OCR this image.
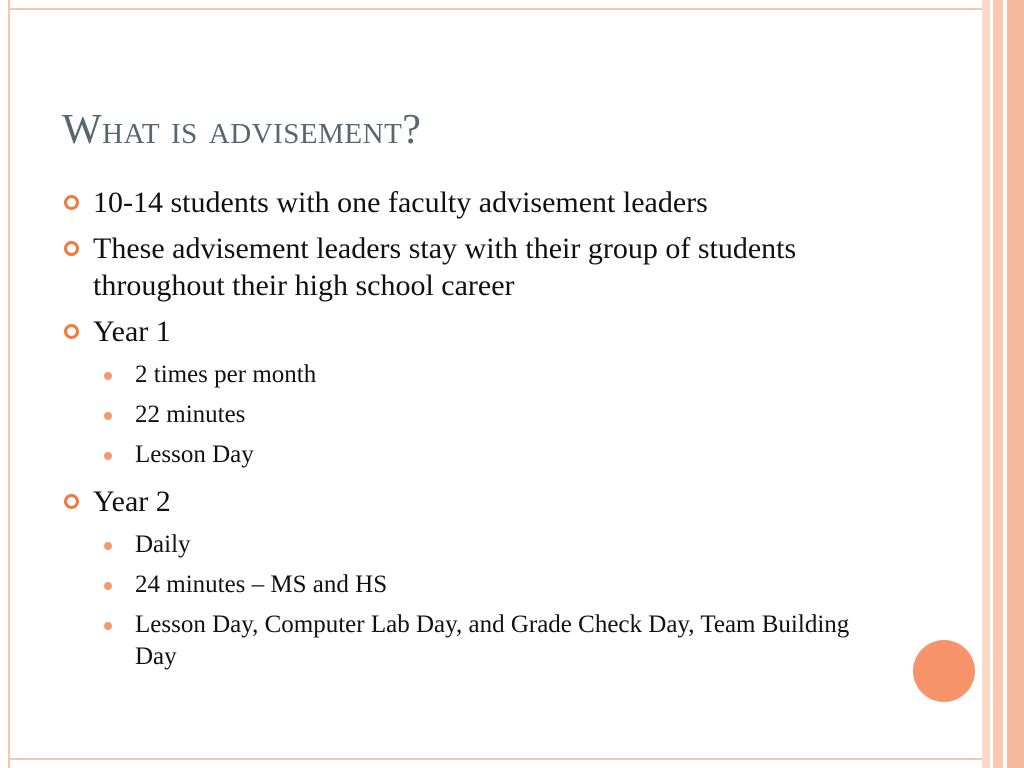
What is advisement?
10-14 students with one faculty advisement leaders
These advisement leaders stay with their group of students throughout their high school career
Year 1
2 times per month
22 minutes
Lesson Day
Year 2
Daily
24 minutes – MS and HS
Lesson Day, Computer Lab Day, and Grade Check Day, Team Building Day
